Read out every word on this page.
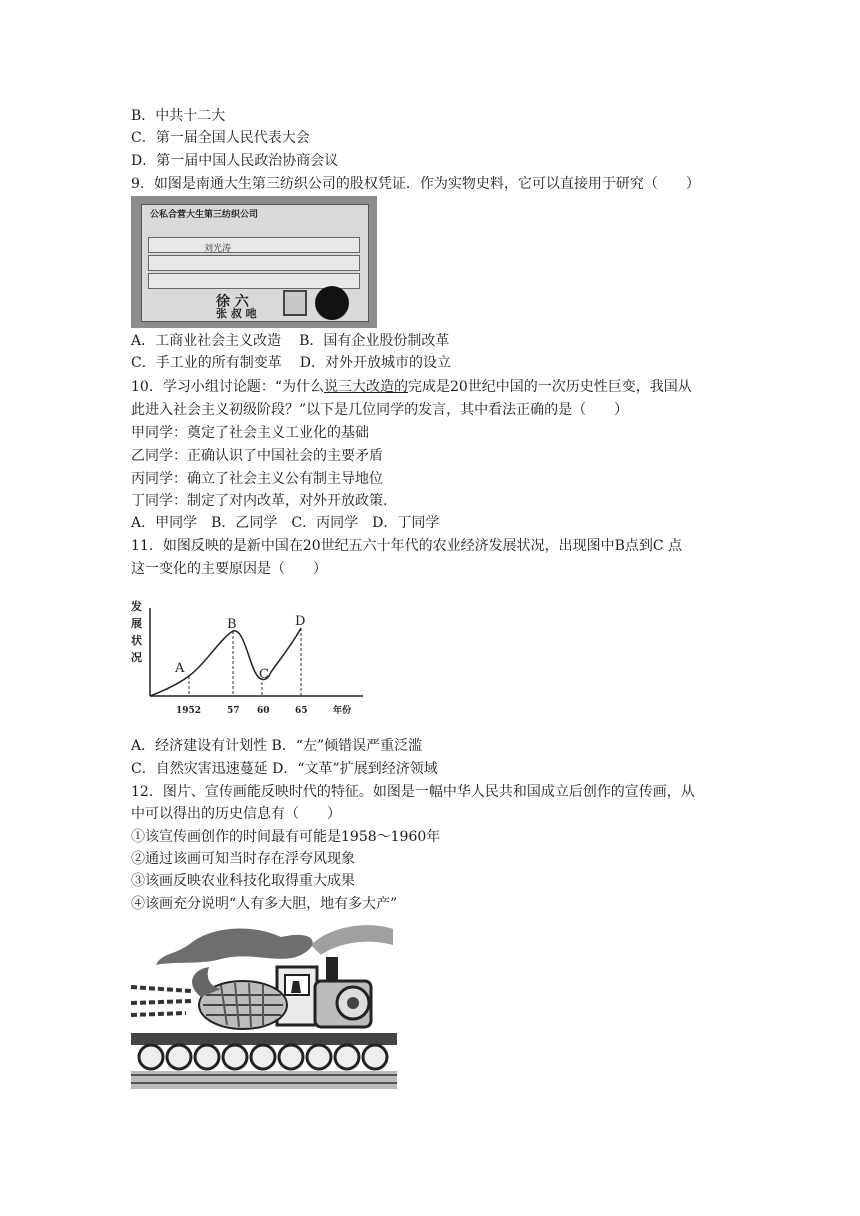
B．中共十二大
C．第一届全国人民代表大会
D．第一届中国人民政治协商会议
9．如图是南通大生第三纺织公司的股权凭证．作为实物史料，它可以直接用于研究（　　）
公私合营大生第三纺织公司
刘光涛
徐 六
张 叔 吔
A．工商业社会主义改造 B．国有企业股份制改革
C．手工业的所有制变革 D．对外开放城市的设立
10．学习小组讨论题：“为什么说三大改造的完成是20世纪中国的一次历史性巨变，我国从
此进入社会主义初级阶段？”以下是几位同学的发言，其中看法正确的是（　　）
甲同学：奠定了社会主义工业化的基础
乙同学：正确认识了中国社会的主要矛盾
丙同学：确立了社会主义公有制主导地位
丁同学：制定了对内改革，对外开放政策.
A．甲同学　B．乙同学　C．丙同学　D．丁同学
11．如图反映的是新中国在20世纪五六十年代的农业经济发展状况，出现图中B点到C 点
这一变化的主要原因是（　　）
发
展
状
况
A
B
C
D
1952	57 60	65	年份
A．经济建设有计划性 B．“左”倾错误严重泛滥
C．自然灾害迅速蔓延 D．“文革”扩展到经济领域
12．图片、宣传画能反映时代的特征。如图是一幅中华人民共和国成立后创作的宣传画，从
中可以得出的历史信息有（　　）
①该宣传画创作的时间最有可能是1958～1960年
②通过该画可知当时存在浮夸风现象
③该画反映农业科技化取得重大成果
④该画充分说明“人有多大胆，地有多大产”
